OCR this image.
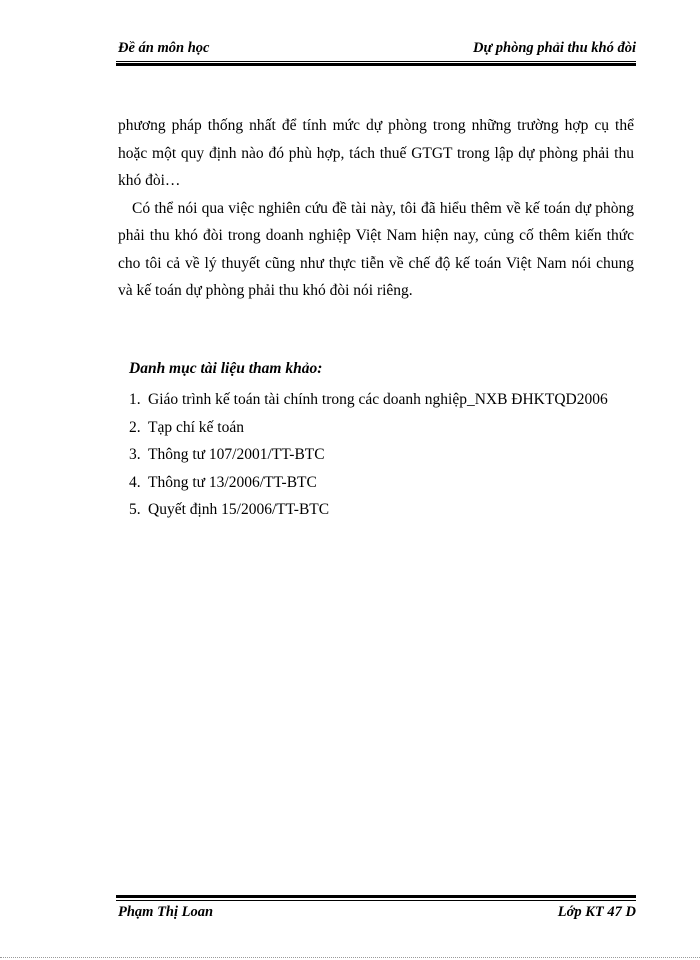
Đề án môn học	Dự phòng phải thu khó đòi

phương pháp thống nhất để tính mức dự phòng trong những trường hợp cụ thể hoặc một quy định nào đó phù hợp, tách thuế GTGT trong lập dự phòng phải thu khó đòi…

Có thể nói qua việc nghiên cứu đề tài này, tôi đã hiểu thêm về kế toán dự phòng phải thu khó đòi trong doanh nghiệp Việt Nam hiện nay, củng cố thêm kiến thức cho tôi cả về lý thuyết cũng như thực tiễn về chế độ kế toán Việt Nam nói chung và kế toán dự phòng phải thu khó đòi nói riêng.

Danh mục tài liệu tham khảo:
1. Giáo trình kế toán tài chính trong các doanh nghiệp_NXB ĐHKTQD2006
2. Tạp chí kế toán
3. Thông tư 107/2001/TT-BTC
4. Thông tư 13/2006/TT-BTC
5. Quyết định 15/2006/TT-BTC
Phạm Thị Loan	Lớp KT 47 D
